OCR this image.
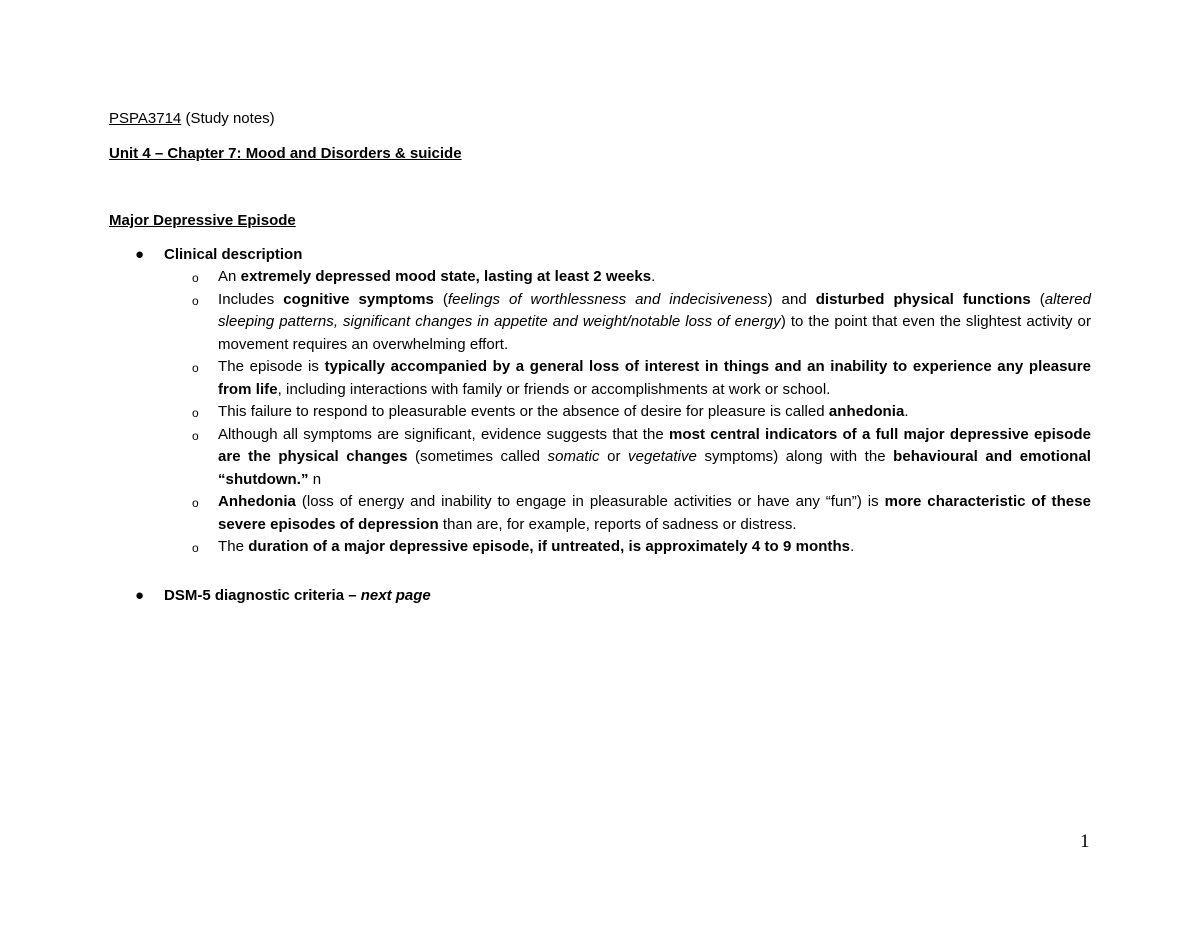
PSPA3714 (Study notes)
Unit 4 – Chapter 7: Mood and Disorders & suicide
Major Depressive Episode
● Clinical description
o An extremely depressed mood state, lasting at least 2 weeks.
o Includes cognitive symptoms (feelings of worthlessness and indecisiveness) and disturbed physical functions (altered sleeping patterns, significant changes in appetite and weight/notable loss of energy) to the point that even the slightest activity or movement requires an overwhelming effort.
o The episode is typically accompanied by a general loss of interest in things and an inability to experience any pleasure from life, including interactions with family or friends or accomplishments at work or school.
o This failure to respond to pleasurable events or the absence of desire for pleasure is called anhedonia.
o Although all symptoms are significant, evidence suggests that the most central indicators of a full major depressive episode are the physical changes (sometimes called somatic or vegetative symptoms) along with the behavioural and emotional “shutdown.” n
o Anhedonia (loss of energy and inability to engage in pleasurable activities or have any “fun”) is more characteristic of these severe episodes of depression than are, for example, reports of sadness or distress.
o The duration of a major depressive episode, if untreated, is approximately 4 to 9 months.
● DSM-5 diagnostic criteria – next page
1
